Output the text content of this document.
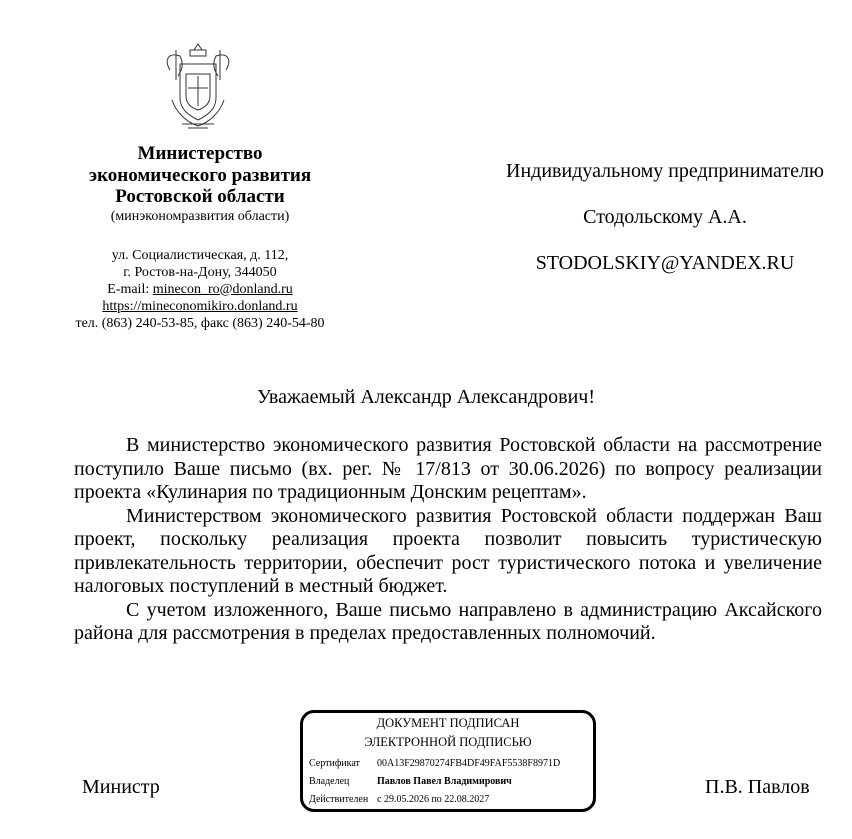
Министерство
экономического развития
Ростовской области
(минэкономразвития области)
ул. Социалистическая, д. 112,
г. Ростов-на-Дону, 344050
E-mail: minecon_ro@donland.ru
https://mineconomikiro.donland.ru
тел. (863) 240-53-85, факс (863) 240-54-80
Индивидуальному предпринимателю
Стодольскому А.А.
STODOLSKIY@YANDEX.RU
Уважаемый Александр Александрович!

В министерство экономического развития Ростовской области на рассмотрение поступило Ваше письмо (вх. рег. № 17/813 от 30.06.2026) по вопросу реализации проекта «Кулинария по традиционным Донским рецептам».

Министерством экономического развития Ростовской области поддержан Ваш проект, поскольку реализация проекта позволит повысить туристическую привлекательность территории, обеспечит рост туристического потока и увеличение налоговых поступлений в местный бюджет.

С учетом изложенного, Ваше письмо направлено в администрацию Аксайского района для рассмотрения в пределах предоставленных полномочий.

Министр
ДОКУМЕНТ ПОДПИСАН
ЭЛЕКТРОННОЙ ПОДПИСЬЮ
Сертификат 00A13F29870274FB4DF49FAF5538F8971D
Владелец	Павлов Павел Владимирович
Действителен с 29.05.2026 по 22.08.2027
П.В. Павлов
